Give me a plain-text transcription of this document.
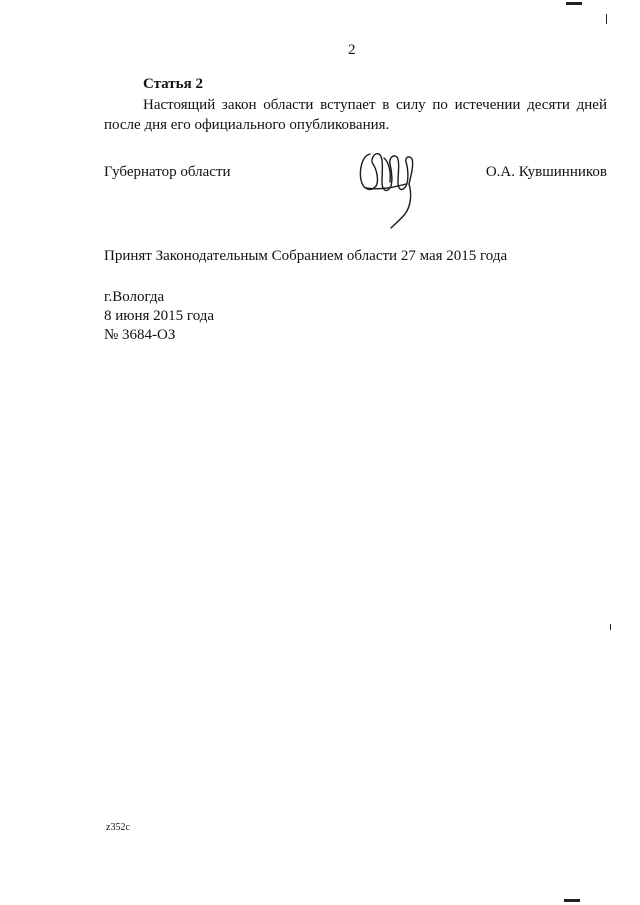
2
Статья 2
Настоящий закон области вступает в силу по истечении десяти дней после дня его официального опубликования.
Губернатор области	О.А. Кувшинников
Принят Законодательным Собранием области 27 мая 2015 года
г.Вологда
8 июня 2015 года
№ 3684-ОЗ
z352c
